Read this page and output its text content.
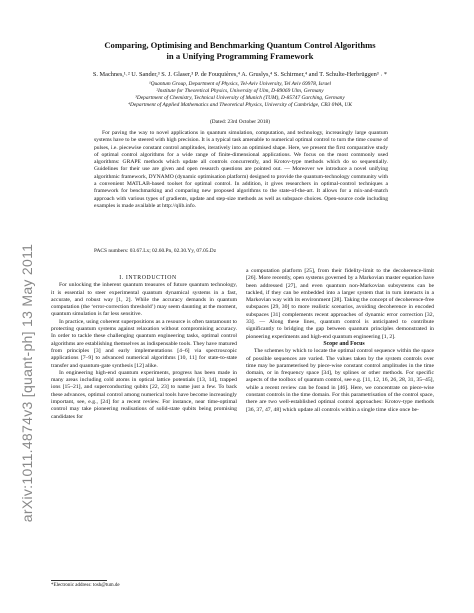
arXiv:1011.4874v3 [quant-ph] 13 May 2011
Comparing, Optimising and Benchmarking Quantum Control Algorithms
in a Unifying Programming Framework
S. Machnes,¹˒² U. Sander,³ S. J. Glaser,³ P. de Fouquières,⁴ A. Gruslys,⁴ S. Schirmer,⁴ and T. Schulte-Herbrüggen³ ˒ *
¹Quantum Group, Department of Physics, Tel-Aviv University, Tel Aviv 69978, Israel
²Institute for Theoretical Physics, University of Ulm, D-89069 Ulm, Germany
³Department of Chemistry, Technical University of Munich (TUM), D-85747 Garching, Germany
⁴Department of Applied Mathematics and Theoretical Physics, University of Cambridge, CB3 0WA, UK
(Dated: 23rd October 2018)
For paving the way to novel applications in quantum simulation, computation, and technology, increasingly large quantum systems have to be steered with high precision. It is a typical task amenable to numerical optimal control to turn the time course of pulses, i.e. piecewise constant control amplitudes, iteratively into an optimised shape. Here, we present the first comparative study of optimal control algorithms for a wide range of finite-dimensional applications. We focus on the most commonly used algorithms: GRAPE methods which update all controls concurrently, and Krotov-type methods which do so sequentially. Guidelines for their use are given and open research questions are pointed out. — Moreover we introduce a novel unifying algorithmic framework, DYNAMO (dynamic optimisation platform) designed to provide the quantum-technology community with a convenient MATLAB-based toolset for optimal control. In addition, it gives researchers in optimal-control techniques a framework for benchmarking and comparing new proposed algorithms to the state-of-the-art. It allows for a mix-and-match approach with various types of gradients, update and step-size methods as well as subspace choices. Open-source code including examples is made available at http://qlib.info.
PACS numbers: 03.67.Lx; 02.60.Pn, 02.30.Yy, 07.05.Dz

I. INTRODUCTION

For unlocking the inherent quantum treasures of future quantum technology, it is essential to steer experimental quantum dynamical systems in a fast, accurate, and robust way [1, 2]. While the accuracy demands in quantum computation (the ‘error-correction threshold’) may seem daunting at the moment, quantum simulation is far less sensitive.

In practice, using coherent superpositions as a resource is often tantamount to protecting quantum systems against relaxation without compromising accuracy. In order to tackle these challenging quantum engineering tasks, optimal control algorithms are establishing themselves as indispensable tools. They have matured from principles [3] and early implementations [4–6] via spectroscopic applications [7–9] to advanced numerical algorithms [10, 11] for state-to-state transfer and quantum-gate synthesis [12] alike.

In engineering high-end quantum experiments, progress has been made in many areas including cold atoms in optical lattice potentials [13, 14], trapped ions [15–21], and superconducting qubits [22, 23] to name just a few. To back these advances, optimal control among numerical tools have become increasingly important, see, e.g., [24] for a recent review. For instance, near time-optimal control may take pioneering realisations of solid-state qubits being promising candidates for

a computation platform [25], from their fidelity-limit to the decoherence-limit [26]. More recently, open systems governed by a Markovian master equation have been addressed [27], and even quantum non-Markovian subsystems can be tackled, if they can be embedded into a larger system that in turn interacts in a Markovian way with its environment [28]. Taking the concept of decoherence-free subspaces [29, 30] to more realistic scenarios, avoiding decoherence in encoded subspaces [31] complements recent approaches of dynamic error correction [32, 33]. — Along these lines, quantum control is anticipated to contribute significantly to bridging the gap between quantum principles demonstrated in pioneering experiments and high-end quantum engineering [1, 2].

Scope and Focus

The schemes by which to locate the optimal control sequence within the space of possible sequences are varied. The values taken by the system controls over time may be parameterised by piece-wise constant control amplitudes in the time domain, or in frequency space [34], by splines or other methods. For specific aspects of the toolbox of quantum control, see e.g. [11, 12, 16, 26, 28, 31, 35–45], while a recent review can be found in [46]. Here, we concentrate on piece-wise constant controls in the time domain. For this parametrisation of the control space, there are two well-established optimal control approaches: Krotov-type methods [36, 37, 47, 48] which update all controls within a single time slice once be-

*Electronic address: tosh@tum.de
